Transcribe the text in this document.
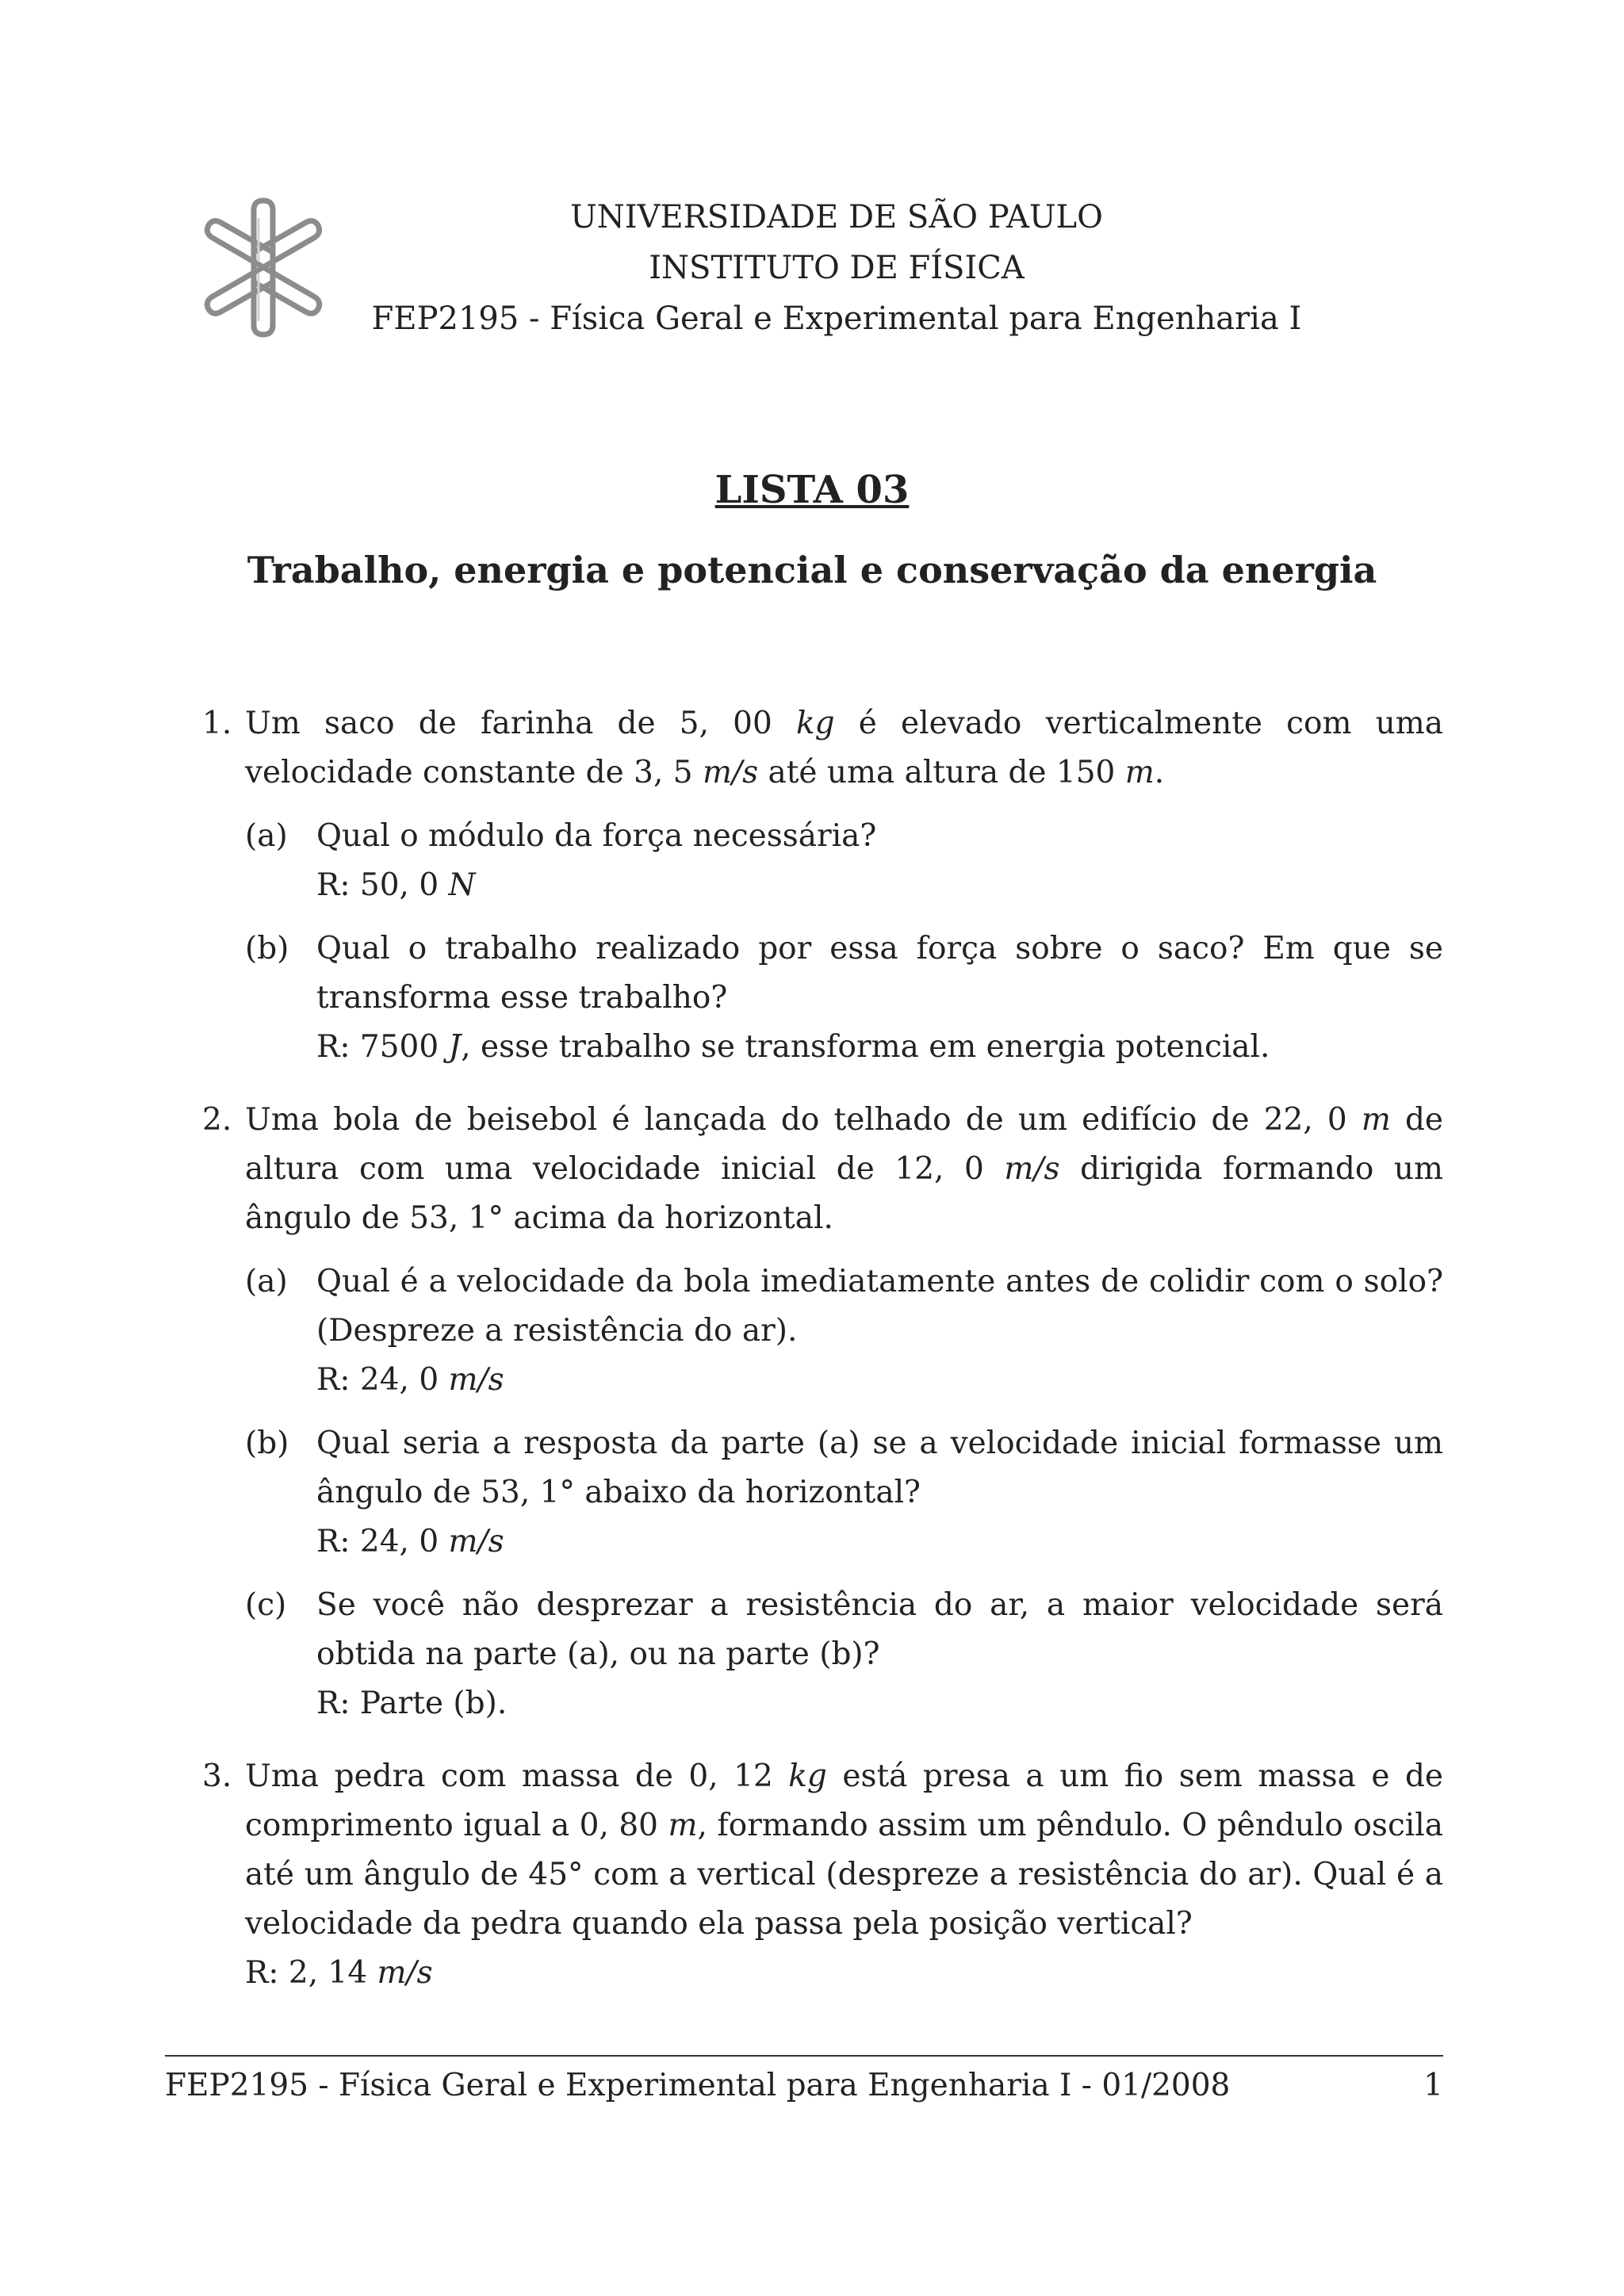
UNIVERSIDADE DE SÃO PAULO
INSTITUTO DE FÍSICA
FEP2195 - Física Geral e Experimental para Engenharia I
LISTA 03
Trabalho, energia e potencial e conservação da energia
1. Um saco de farinha de 5, 00 kg é elevado verticalmente com uma velocidade constante de 3, 5 m/s até uma altura de 150 m.
(a) Qual o módulo da força necessária?
R: 50, 0 N
(b) Qual o trabalho realizado por essa força sobre o saco? Em que se transforma esse trabalho?
R: 7500 J, esse trabalho se transforma em energia potencial.
2. Uma bola de beisebol é lançada do telhado de um edifício de 22, 0 m de altura com uma velocidade inicial de 12, 0 m/s dirigida formando um ângulo de 53, 1° acima da horizontal.
(a) Qual é a velocidade da bola imediatamente antes de colidir com o solo? (Despreze a resistência do ar).
R: 24, 0 m/s
(b) Qual seria a resposta da parte (a) se a velocidade inicial formasse um ângulo de 53, 1° abaixo da horizontal?
R: 24, 0 m/s
(c) Se você não desprezar a resistência do ar, a maior velocidade será obtida na parte (a), ou na parte (b)?
R: Parte (b).
3. Uma pedra com massa de 0, 12 kg está presa a um fio sem massa e de comprimento igual a 0, 80 m, formando assim um pêndulo. O pêndulo oscila até um ângulo de 45° com a vertical (despreze a resistência do ar). Qual é a velocidade da pedra quando ela passa pela posição vertical?
R: 2, 14 m/s
FEP2195 - Física Geral e Experimental para Engenharia I - 01/2008	1
